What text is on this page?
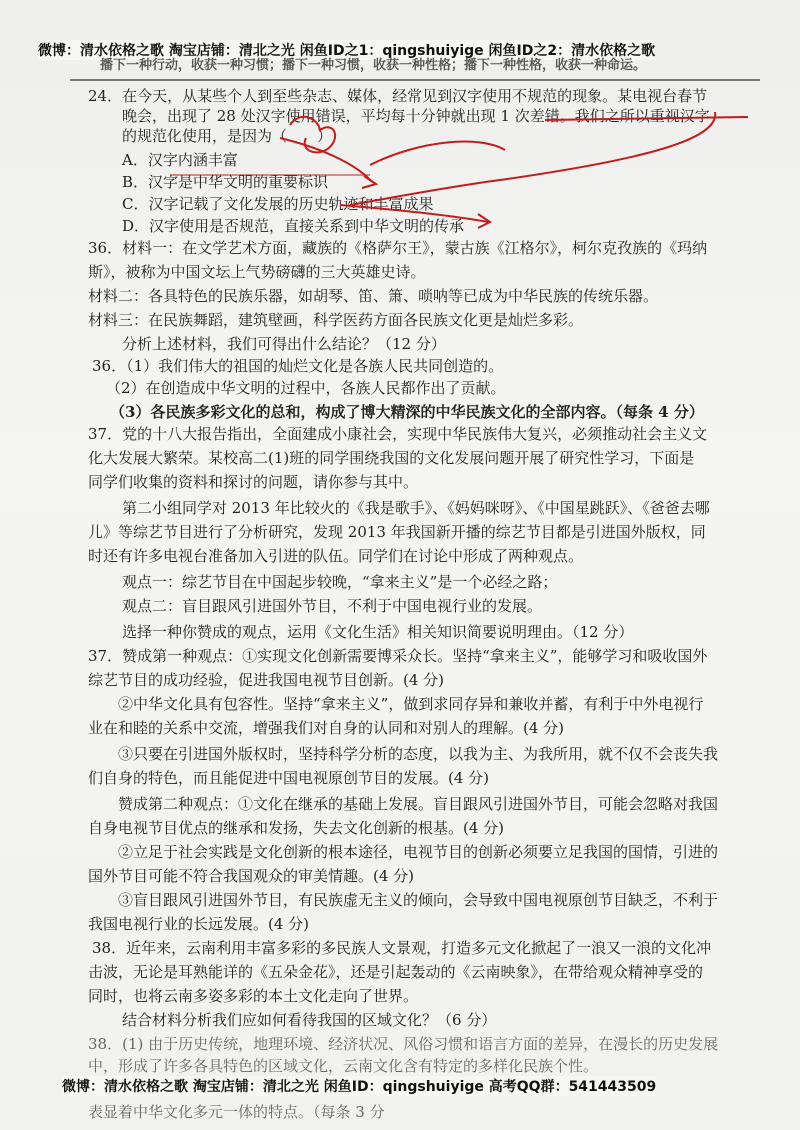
微博：清水依格之歌 淘宝店铺：清北之光 闲鱼ID之1：qingshuiyige 闲鱼ID之2：清水依格之歌
播下一种行动，收获一种习惯；播下一种习惯，收获一种性格；播下一种性格，收获一种命运。
24．在今天，从某些个人到至些杂志、媒体，经常见到汉字使用不规范的现象。某电视台春节
晚会，出现了 28 处汉字使用错误，平均每十分钟就出现 1 次差错。我们之所以重视汉字
的规范化使用，是因为（　　）
A．汉字内涵丰富
B．汉字是中华文明的重要标识
C．汉字记载了文化发展的历史轨迹和丰富成果
D．汉字使用是否规范，直接关系到中华文明的传承
36．材料一：在文学艺术方面，藏族的《格萨尔王》，蒙古族《江格尔》，柯尔克孜族的《玛纳
斯》，被称为中国文坛上气势磅礴的三大英雄史诗。
材料二：各具特色的民族乐器，如胡琴、笛、箫、唢呐等已成为中华民族的传统乐器。
材料三：在民族舞蹈，建筑壁画，科学医药方面各民族文化更是灿烂多彩。
分析上述材料，我们可得出什么结论？（12 分）
36．（1）我们伟大的祖国的灿烂文化是各族人民共同创造的。
（2）在创造成中华文明的过程中，各族人民都作出了贡献。
（3）各民族多彩文化的总和，构成了博大精深的中华民族文化的全部内容。（每条 4 分）
37．党的十八大报告指出，全面建成小康社会，实现中华民族伟大复兴，必须推动社会主义文
化大发展大繁荣。某校高二(1)班的同学围绕我国的文化发展问题开展了研究性学习，下面是
同学们收集的资料和探讨的问题，请你参与其中。
第二小组同学对 2013 年比较火的《我是歌手》、《妈妈咪呀》、《中国星跳跃》、《爸爸去哪
儿》等综艺节目进行了分析研究，发现 2013 年我国新开播的综艺节目都是引进国外版权，同
时还有许多电视台准备加入引进的队伍。同学们在讨论中形成了两种观点。
观点一：综艺节目在中国起步较晚，“拿来主义”是一个必经之路；
观点二：盲目跟风引进国外节目，不利于中国电视行业的发展。
选择一种你赞成的观点，运用《文化生活》相关知识简要说明理由。（12 分）
37．赞成第一种观点：①实现文化创新需要博采众长。坚持“拿来主义”，能够学习和吸收国外
综艺节目的成功经验，促进我国电视节目创新。(4 分)
②中华文化具有包容性。坚持“拿来主义”，做到求同存异和兼收并蓄，有利于中外电视行
业在和睦的关系中交流，增强我们对自身的认同和对别人的理解。(4 分)
③只要在引进国外版权时，坚持科学分析的态度，以我为主、为我所用，就不仅不会丧失我
们自身的特色，而且能促进中国电视原创节目的发展。(4 分)
赞成第二种观点：①文化在继承的基础上发展。盲目跟风引进国外节目，可能会忽略对我国
自身电视节目优点的继承和发扬，失去文化创新的根基。(4 分)
②立足于社会实践是文化创新的根本途径，电视节目的创新必须要立足我国的国情，引进的
国外节目可能不符合我国观众的审美情趣。(4 分)
③盲目跟风引进国外节目，有民族虚无主义的倾向，会导致中国电视原创节目缺乏，不利于
我国电视行业的长远发展。(4 分)
38．近年来，云南利用丰富多彩的多民族人文景观，打造多元文化掀起了一浪又一浪的文化冲
击波，无论是耳熟能详的《五朵金花》，还是引起轰动的《云南映象》，在带给观众精神享受的
同时，也将云南多姿多彩的本土文化走向了世界。
结合材料分析我们应如何看待我国的区域文化？（6 分）
38．(1) 由于历史传统，地理环境、经济状况、风俗习惯和语言方面的差异，在漫长的历史发展
中，形成了许多各具特色的区域文化，云南文化含有特定的多样化民族个性。
表显着中华文化多元一体的特点。（每条 3 分
微博：清水依格之歌 淘宝店铺：清北之光 闲鱼ID：qingshuiyige 高考QQ群：541443509
